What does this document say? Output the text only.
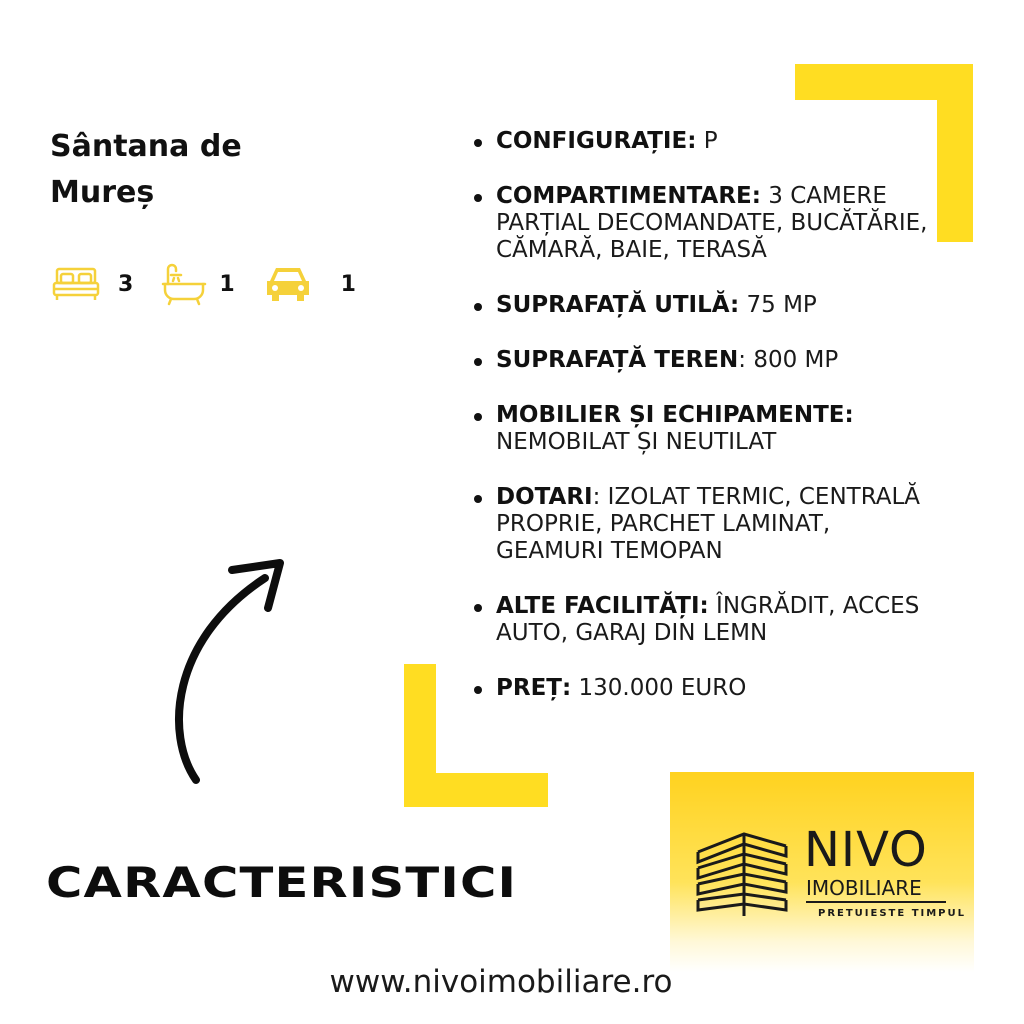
Sântana de Mureș
3	1	1
CONFIGURAȚIE: P
COMPARTIMENTARE: 3 CAMERE PARȚIAL DECOMANDATE, BUCĂTĂRIE, CĂMARĂ, BAIE, TERASĂ
SUPRAFAȚĂ UTILĂ: 75 MP
SUPRAFAȚĂ TEREN: 800 MP
MOBILIER ȘI ECHIPAMENTE: NEMOBILAT ȘI NEUTILAT
DOTARI: IZOLAT TERMIC, CENTRALĂ PROPRIE, PARCHET LAMINAT, GEAMURI TEMOPAN
ALTE FACILITĂȚI: ÎNGRĂDIT, ACCES AUTO, GARAJ DIN LEMN
PREȚ: 130.000 EURO
CARACTERISTICI
NIVO
IMOBILIARE
PRETUIESTE TIMPUL
www.nivoimobiliare.ro
